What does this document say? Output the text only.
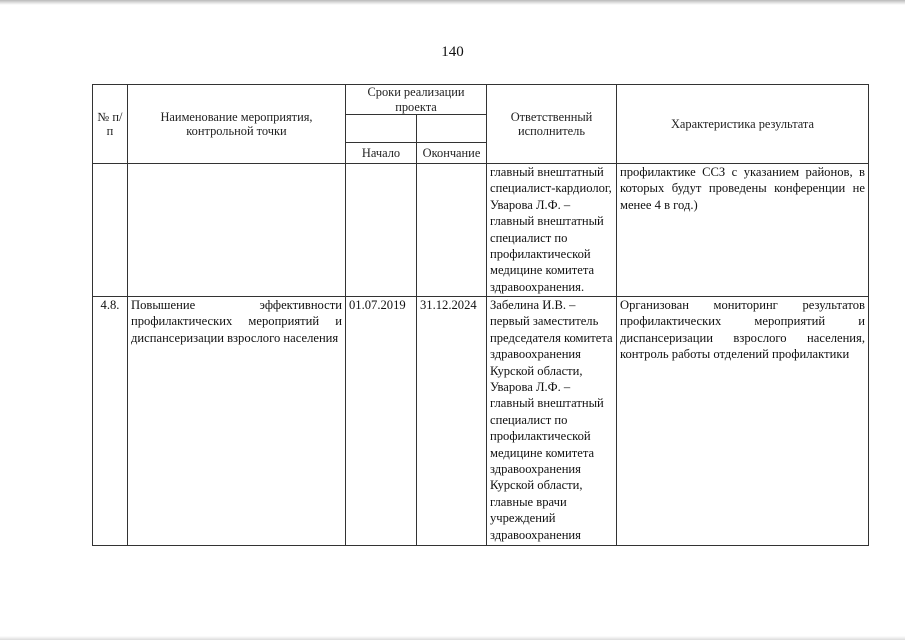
140
№ п/п	Наименование мероприятия, контрольной точки	Сроки реализации проекта		Ответственный исполнитель	Характеристика результата

		Начало	Окончание		
				главный внештатный специалист-кардиолог, Уварова Л.Ф. – главный внештатный специалист по профилактической медицине комитета здравоохранения.	профилактике ССЗ с указанием районов, в которых будут проведены конференции не менее 4 в год.)
4.8.	Повышение эффективности профилактических мероприятий и диспансеризации взрослого населения	01.07.2019	31.12.2024	Забелина И.В. – первый заместитель председателя комитета здравоохранения Курской области, Уварова Л.Ф. – главный внештатный специалист по профилактической медицине комитета здравоохранения Курской области, главные врачи учреждений здравоохранения	Организован мониторинг результатов профилактических мероприятий и диспансеризации взрослого населения, контроль работы отделений профилактики
